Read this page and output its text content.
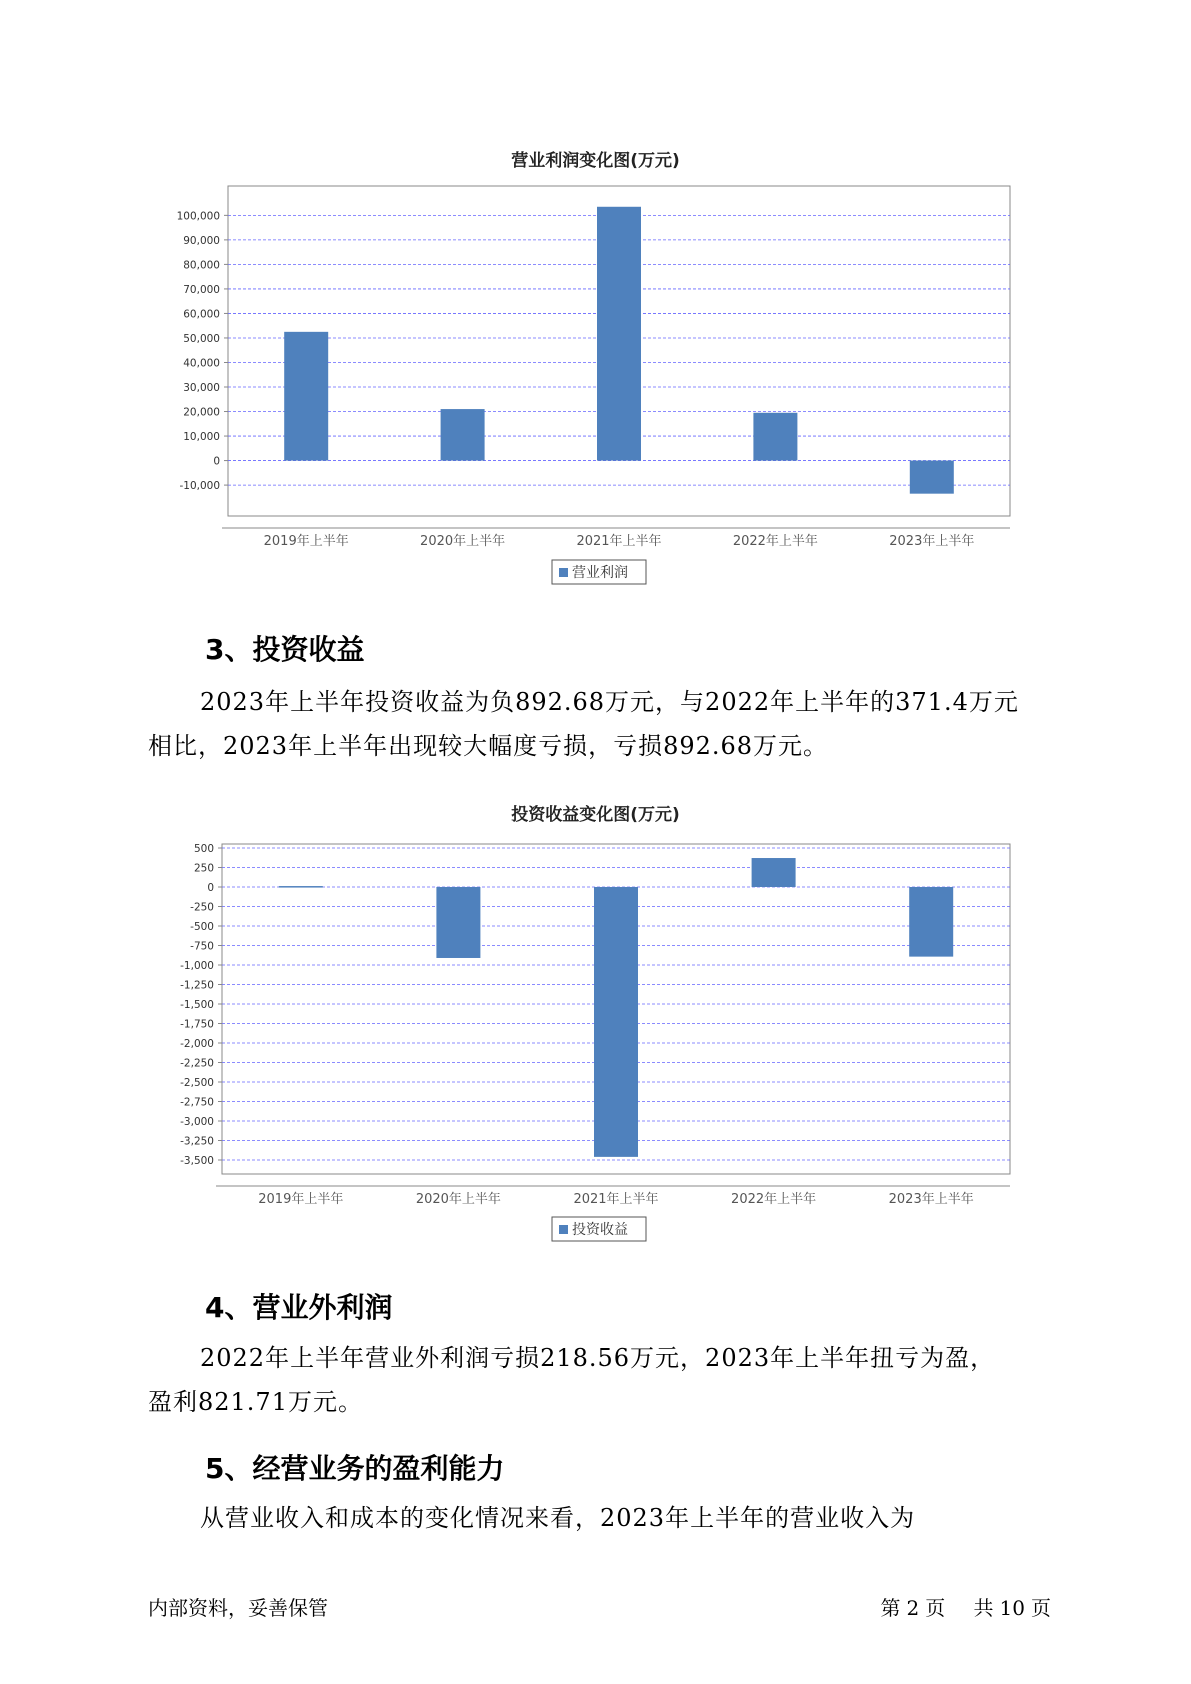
营业利润变化图(万元)
-10,000
0
10,000
20,000
30,000
40,000
50,000
60,000
70,000
80,000
90,000
100,000
2019年上半年	2020年上半年	2021年上半年	2022年上半年	2023年上半年
营业利润
3、投资收益

2023年上半年投资收益为负892.68万元，与2022年上半年的371.4万元
相比，2023年上半年出现较大幅度亏损，亏损892.68万元。

投资收益变化图(万元)
500
250
0
-250
-500
-750
-1,000
-1,250
-1,500
-1,750
-2,000
-2,250
-2,500
-2,750
-3,000
-3,250
-3,500
2019年上半年	2020年上半年	2021年上半年	2022年上半年	2023年上半年
投资收益
4、营业外利润

2022年上半年营业外利润亏损218.56万元，2023年上半年扭亏为盈，
盈利821.71万元。

5、经营业务的盈利能力

从营业收入和成本的变化情况来看，2023年上半年的营业收入为

内部资料，妥善保管	第 2 页 共 10 页
